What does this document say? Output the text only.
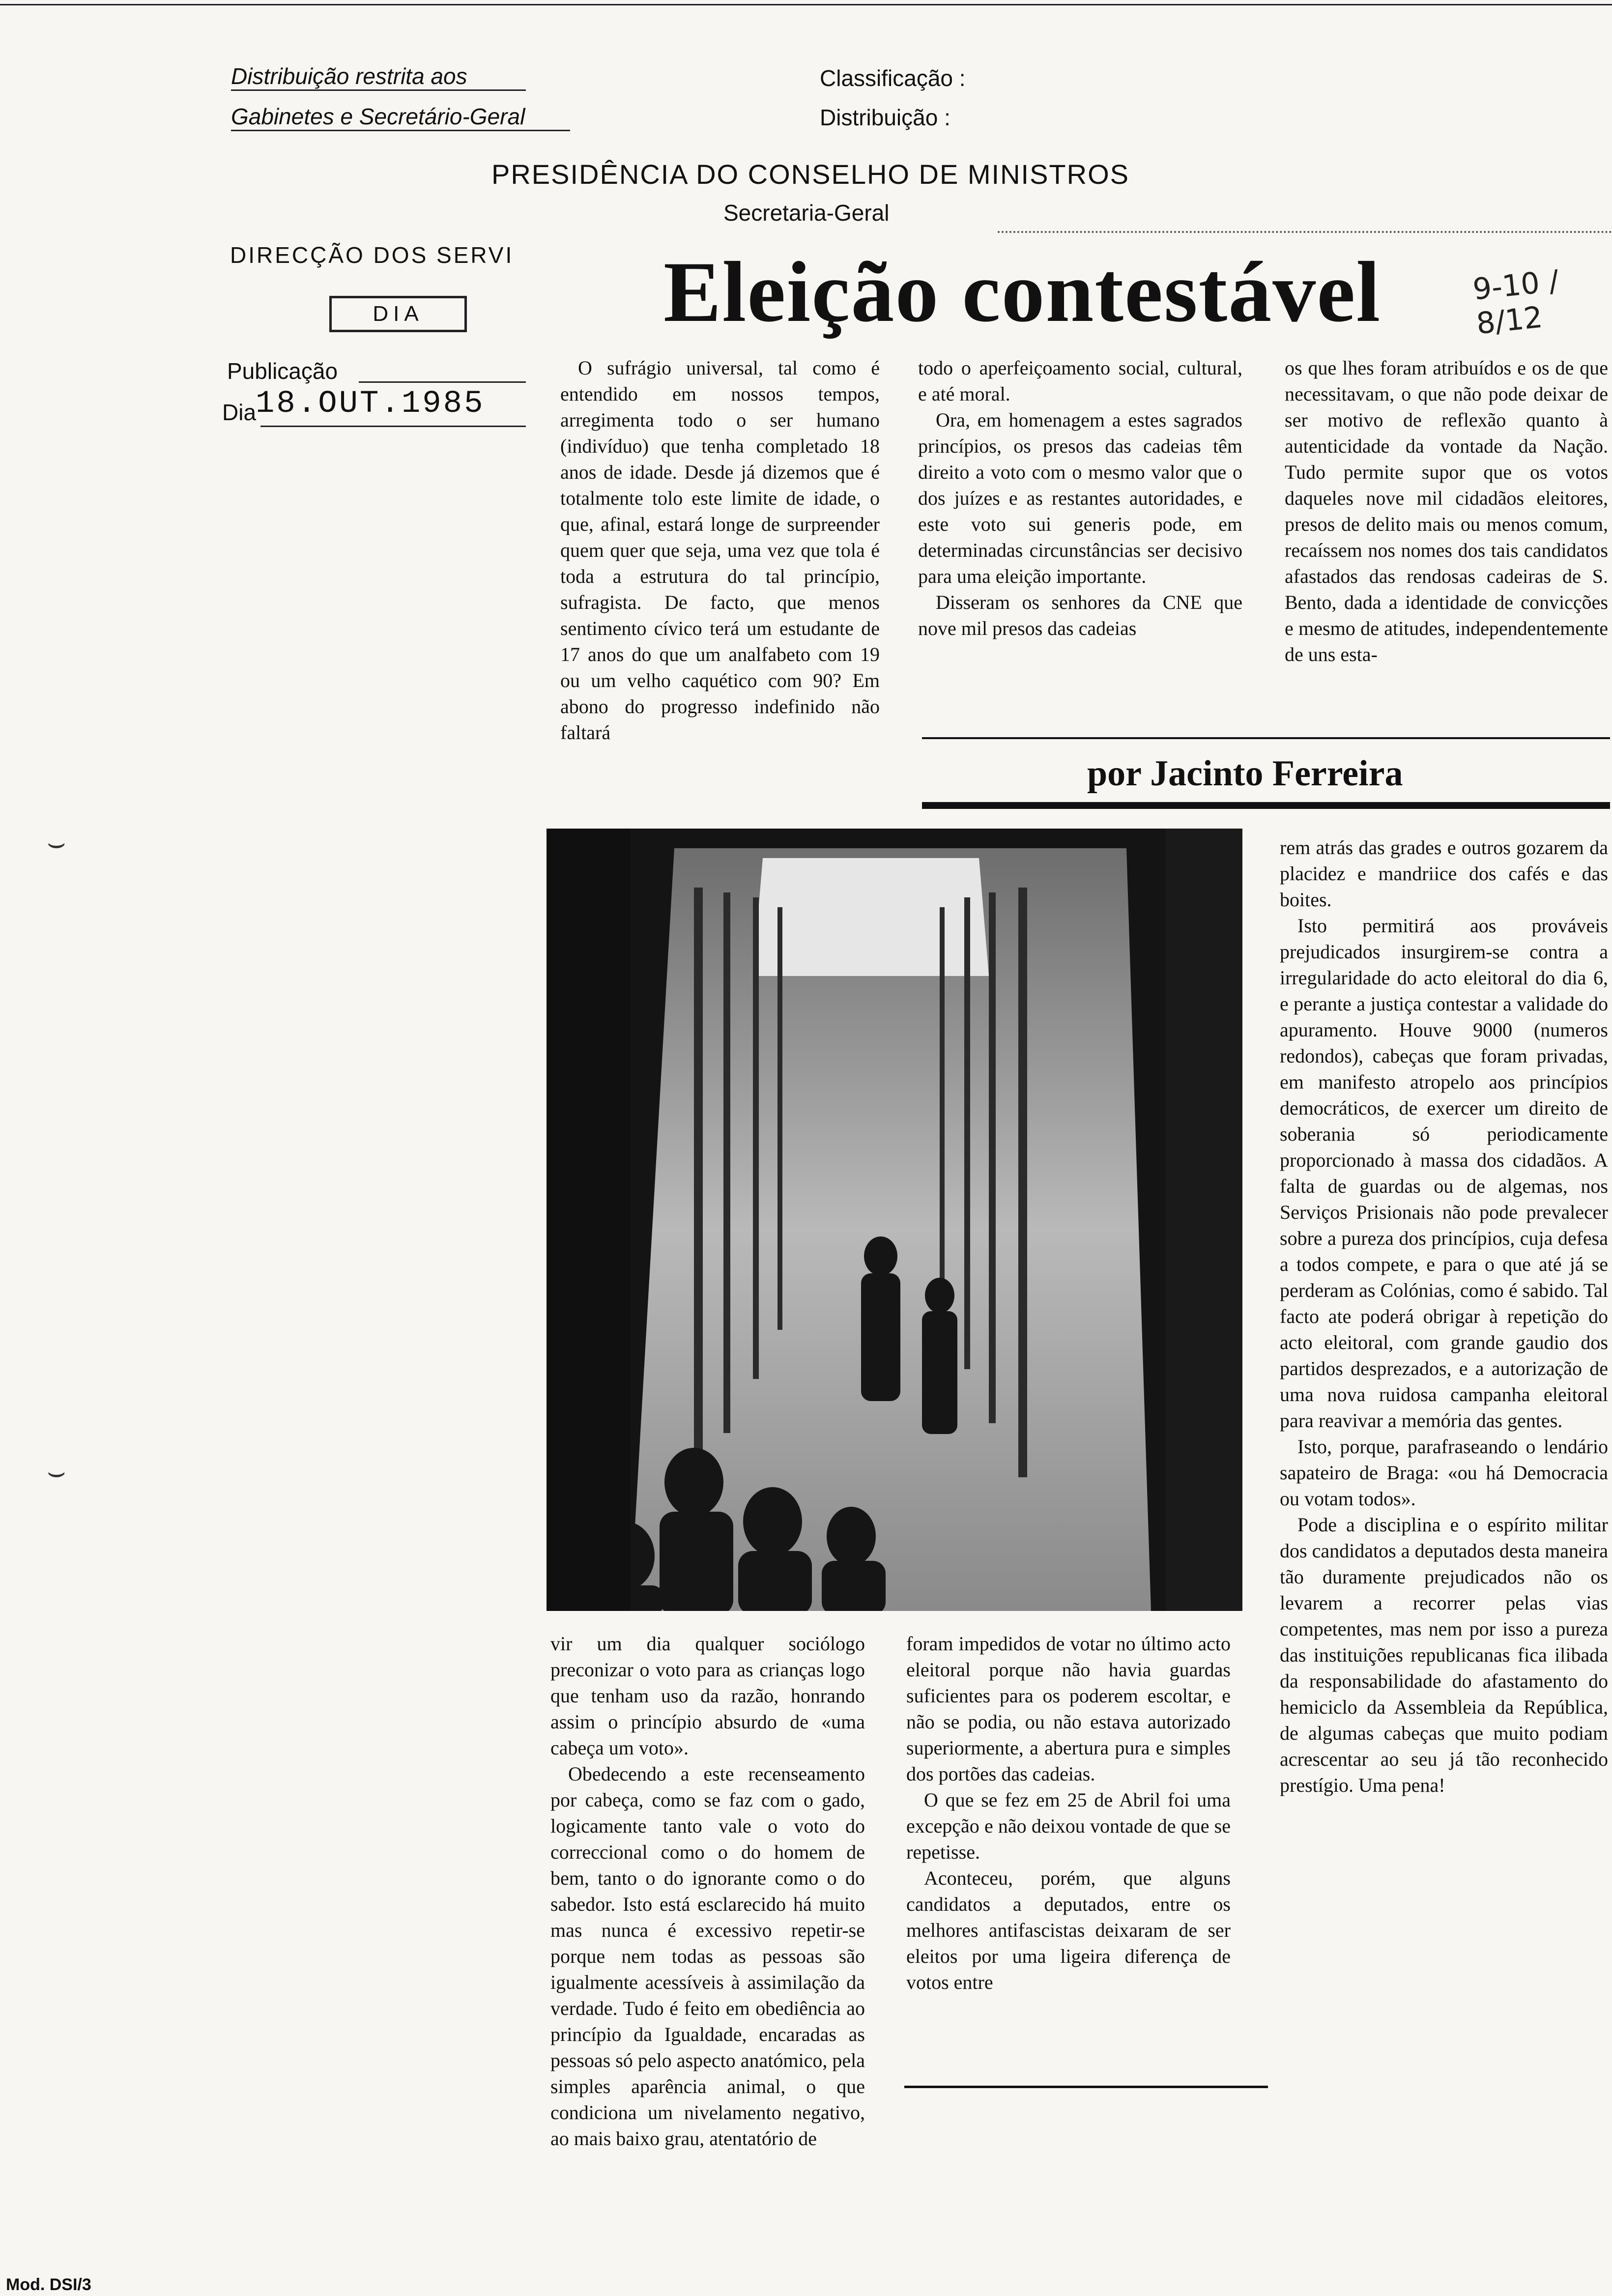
Distribuição restrita aos
Gabinetes e Secretário-Geral
Classificação :
Distribuição :
PRESIDÊNCIA DO CONSELHO DE MINISTROS
Secretaria-Geral
DIRECÇÃO DOS SERVI
DIA
Publicação
Dia
18.OUT.1985
Eleição contestável	9-10 / 8/12

O sufrágio universal, tal como é entendido em nossos tempos, arregimenta todo o ser humano (indivíduo) que tenha completado 18 anos de idade. Desde já dizemos que é totalmente tolo este limite de idade, o que, afinal, estará longe de surpreender quem quer que seja, uma vez que tola é toda a estrutura do tal princípio, sufragista. De facto, que menos sentimento cívico terá um estudante de 17 anos do que um analfabeto com 19 ou um velho caquético com 90? Em abono do progresso indefinido não faltará

todo o aperfeiçoamento social, cultural, e até moral.

Ora, em homenagem a estes sagrados princípios, os presos das cadeias têm direito a voto com o mesmo valor que o dos juízes e as restantes autoridades, e este voto sui generis pode, em determinadas circunstâncias ser decisivo para uma eleição importante.

Disseram os senhores da CNE que nove mil presos das cadeias

os que lhes foram atribuídos e os de que necessitavam, o que não pode deixar de ser motivo de reflexão quanto à autenticidade da vontade da Nação. Tudo permite supor que os votos daqueles nove mil cidadãos eleitores, presos de delito mais ou menos comum, recaíssem nos nomes dos tais candidatos afastados das rendosas cadeiras de S. Bento, dada a identidade de convicções e mesmo de atitudes, independentemente de uns esta-

por Jacinto Ferreira

rem atrás das grades e outros gozarem da placidez e mandriice dos cafés e das boites.

Isto permitirá aos prováveis prejudicados insurgirem-se contra a irregularidade do acto eleitoral do dia 6, e perante a justiça contestar a validade do apuramento. Houve 9000 (numeros redondos), cabeças que foram privadas, em manifesto atropelo aos princípios democráticos, de exercer um direito de soberania só periodicamente proporcionado à massa dos cidadãos. A falta de guardas ou de algemas, nos Serviços Prisionais não pode prevalecer sobre a pureza dos princípios, cuja defesa a todos compete, e para o que até já se perderam as Colónias, como é sabido. Tal facto ate poderá obrigar à repetição do acto eleitoral, com grande gaudio dos partidos desprezados, e a autorização de uma nova ruidosa campanha eleitoral para reavivar a memória das gentes.

Isto, porque, parafraseando o lendário sapateiro de Braga: «ou há Democracia ou votam todos».

Pode a disciplina e o espírito militar dos candidatos a deputados desta maneira tão duramente prejudicados não os levarem a recorrer pelas vias competentes, mas nem por isso a pureza das instituições republicanas fica ilibada da responsabilidade do afastamento do hemiciclo da Assembleia da República, de algumas cabeças que muito podiam acrescentar ao seu já tão reconhecido prestígio. Uma pena!

vir um dia qualquer sociólogo preconizar o voto para as crianças logo que tenham uso da razão, honrando assim o princípio absurdo de «uma cabeça um voto».

Obedecendo a este recenseamento por cabeça, como se faz com o gado, logicamente tanto vale o voto do correccional como o do homem de bem, tanto o do ignorante como o do sabedor. Isto está esclarecido há muito mas nunca é excessivo repetir-se porque nem todas as pessoas são igualmente acessíveis à assimilação da verdade. Tudo é feito em obediência ao princípio da Igualdade, encaradas as pessoas só pelo aspecto anatómico, pela simples aparência animal, o que condiciona um nivelamento negativo, ao mais baixo grau, atentatório de

foram impedidos de votar no último acto eleitoral porque não havia guardas suficientes para os poderem escoltar, e não se podia, ou não estava autorizado superiormente, a abertura pura e simples dos portões das cadeias.

O que se fez em 25 de Abril foi uma excepção e não deixou vontade de que se repetisse.

Aconteceu, porém, que alguns candidatos a deputados, entre os melhores antifascistas deixaram de ser eleitos por uma ligeira diferença de votos entre

⌣
⌣
Mod. DSI/3
